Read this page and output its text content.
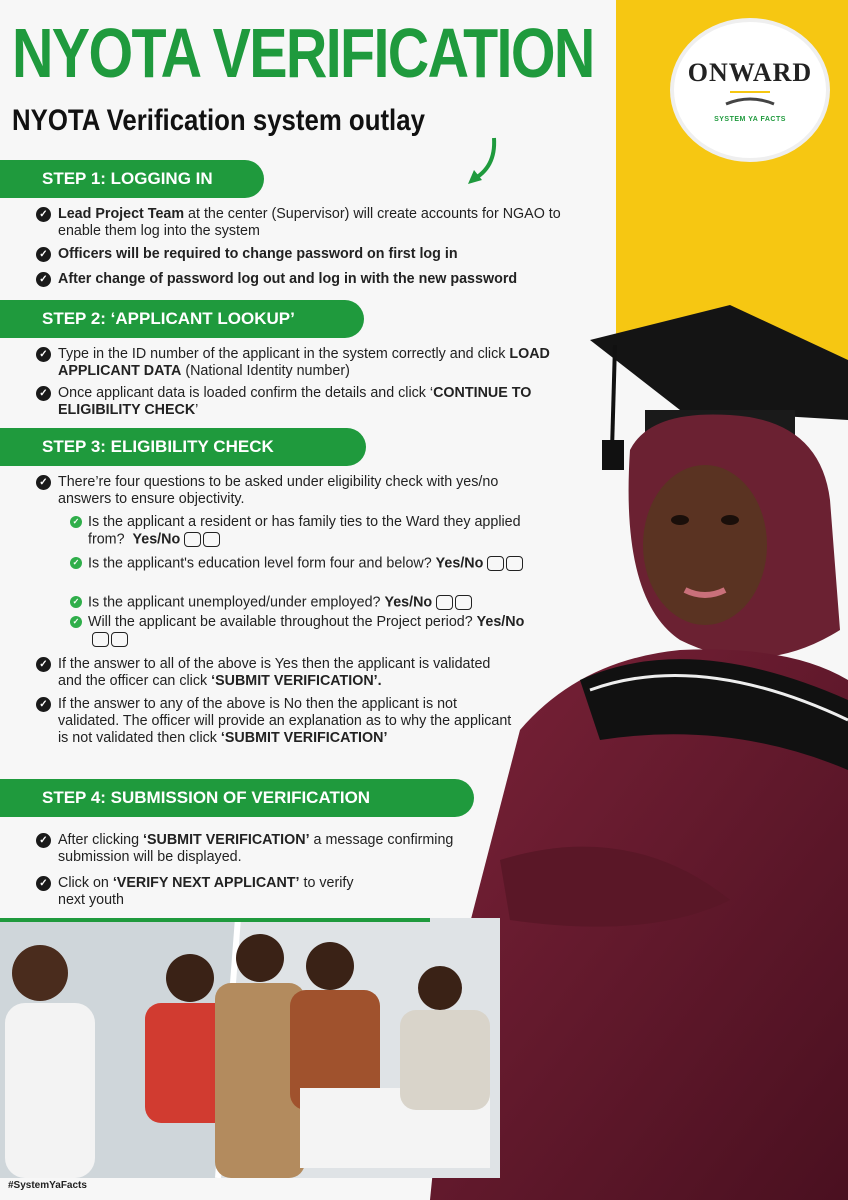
NYOTA VERIFICATION
NYOTA Verification system outlay
ONWARD
SYSTEM YA FACTS
STEP 1: LOGGING IN
✓ Lead Project Team at the center (Supervisor) will create accounts for NGAO to enable them log into the system
✓ Officers will be required to change password on first log in
✓ After change of password log out and log in with the new password
STEP 2: ‘APPLICANT LOOKUP’
✓ Type in the ID number of the applicant in the system correctly and click LOAD APPLICANT DATA (National Identity number)
✓ Once applicant data is loaded confirm the details and click ‘CONTINUE TO ELIGIBILITY CHECK’
STEP 3: ELIGIBILITY CHECK
✓ There’re four questions to be asked under eligibility check with yes/no answers to ensure objectivity.
✓ Is the applicant a resident or has family ties to the Ward they applied from? Yes/No
✓ Is the applicant's education level form four and below? Yes/No
✓ Is the applicant unemployed/under employed? Yes/No
✓ Will the applicant be available throughout the Project period? Yes/No
✓ If the answer to all of the above is Yes then the applicant is validated and the officer can click ‘SUBMIT VERIFICATION’.
✓ If the answer to any of the above is No then the applicant is not validated. The officer will provide an explanation as to why the applicant is not validated then click ‘SUBMIT VERIFICATION’
STEP 4: SUBMISSION OF VERIFICATION
✓ After clicking ‘SUBMIT VERIFICATION’ a message confirming submission will be displayed.
✓ Click on ‘VERIFY NEXT APPLICANT’ to verify next youth
#SystemYaFacts
